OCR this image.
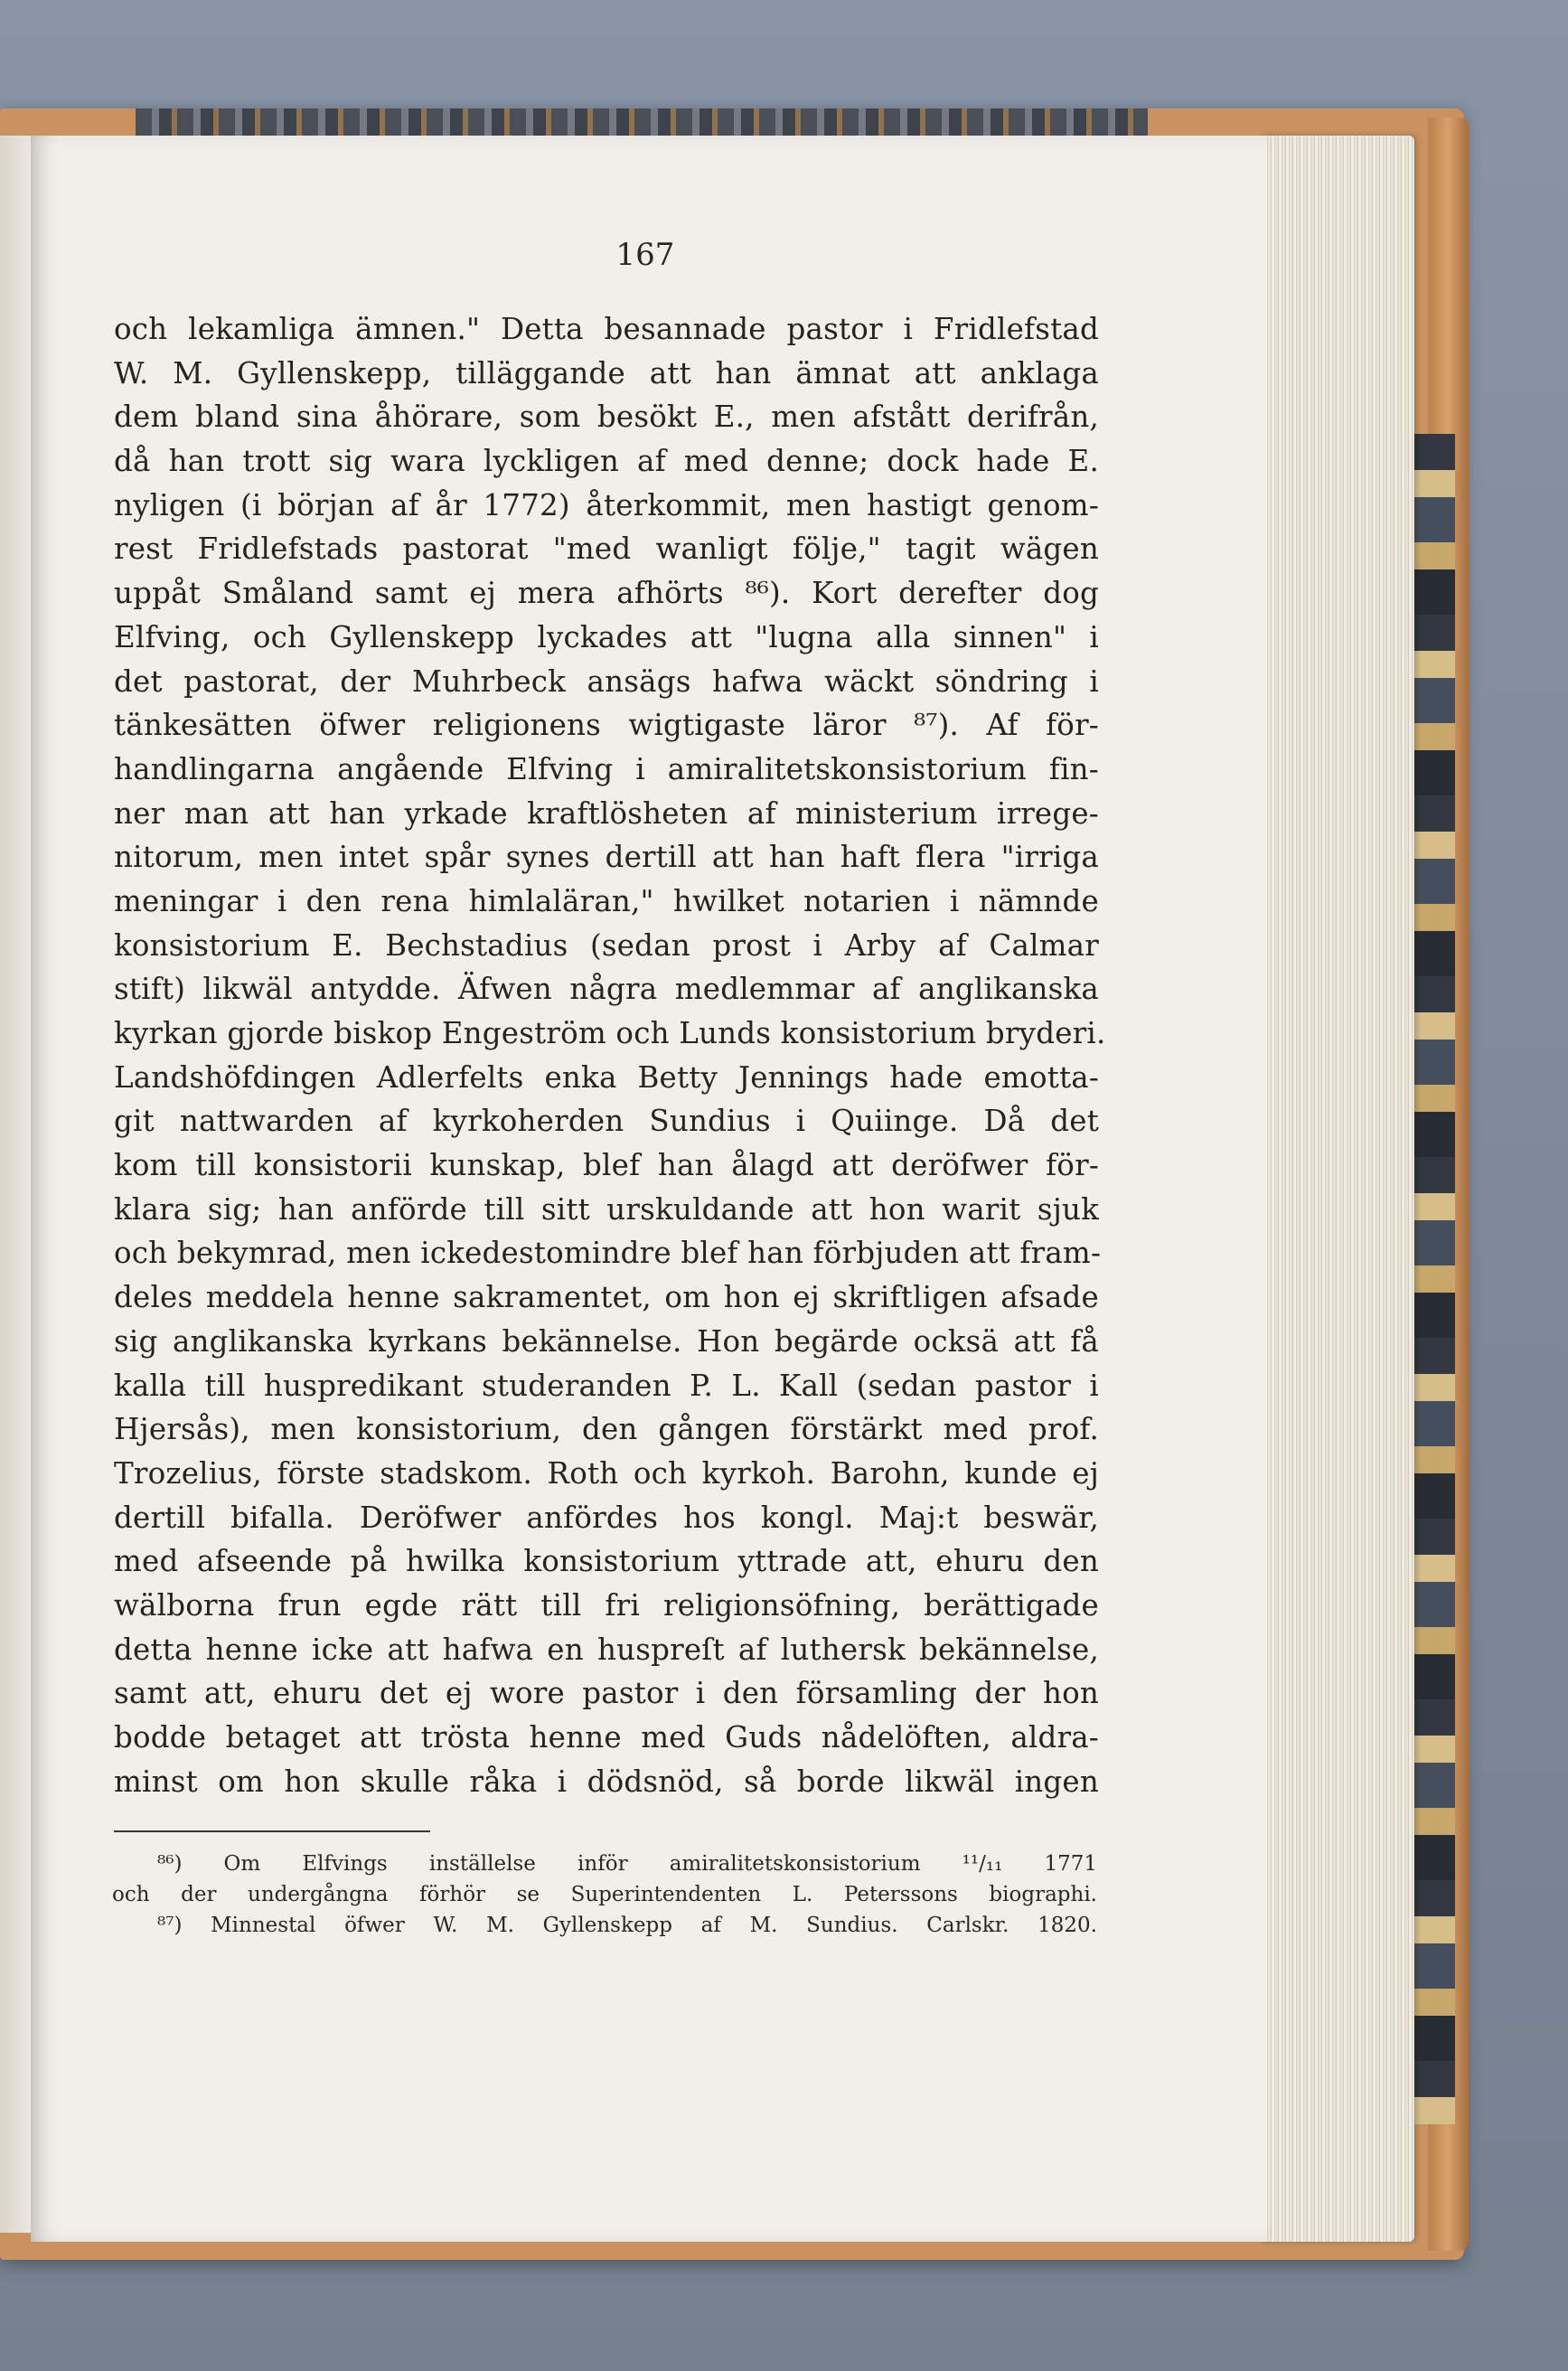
167
och lekamliga ämnen." Detta besannade pastor i Fridlefstad
W. M. Gyllenskepp, tilläggande att han ämnat att anklaga
dem bland sina åhörare, som besökt E., men afstått derifrån,
då han trott sig wara lyckligen af med denne; dock hade E.
nyligen (i början af år 1772) återkommit, men hastigt genom-
rest Fridlefstads pastorat "med wanligt följe," tagit wägen
uppåt Småland samt ej mera afhörts ⁸⁶). Kort derefter dog
Elfving, och Gyllenskepp lyckades att "lugna alla sinnen" i
det pastorat, der Muhrbeck ansägs hafwa wäckt söndring i
tänkesätten öfwer religionens wigtigaste läror ⁸⁷). Af för-
handlingarna angående Elfving i amiralitetskonsistorium fin-
ner man att han yrkade kraftlösheten af ministerium irrege-
nitorum, men intet spår synes dertill att han haft flera "irriga
meningar i den rena himlaläran," hwilket notarien i nämnde
konsistorium E. Bechstadius (sedan prost i Arby af Calmar
stift) likwäl antydde. Äfwen några medlemmar af anglikanska
kyrkan gjorde biskop Engeström och Lunds konsistorium bryderi.
Landshöfdingen Adlerfelts enka Betty Jennings hade emotta-
git nattwarden af kyrkoherden Sundius i Quiinge. Då det
kom till konsistorii kunskap, blef han ålagd att deröfwer för-
klara sig; han anförde till sitt urskuldande att hon warit sjuk
och bekymrad, men ickedestomindre blef han förbjuden att fram-
deles meddela henne sakramentet, om hon ej skriftligen afsade
sig anglikanska kyrkans bekännelse. Hon begärde ocksä att få
kalla till huspredikant studeranden P. L. Kall (sedan pastor i
Hjersås), men konsistorium, den gången förstärkt med prof.
Trozelius, förste stadskom. Roth och kyrkoh. Barohn, kunde ej
dertill bifalla. Deröfwer anfördes hos kongl. Maj:t beswär,
med afseende på hwilka konsistorium yttrade att, ehuru den
wälborna frun egde rätt till fri religionsöfning, berättigade
detta henne icke att hafwa en huspreſt af luthersk bekännelse,
samt att, ehuru det ej wore pastor i den församling der hon
bodde betaget att trösta henne med Guds nådelöften, aldra-
minst om hon skulle råka i dödsnöd, så borde likwäl ingen
⁸⁶) Om Elfvings inställelse inför amiralitetskonsistorium ¹¹/₁₁ 1771
och der undergångna förhör se Superintendenten L. Peterssons biographi.
⁸⁷) Minnestal öfwer W. M. Gyllenskepp af M. Sundius. Carlskr. 1820.
